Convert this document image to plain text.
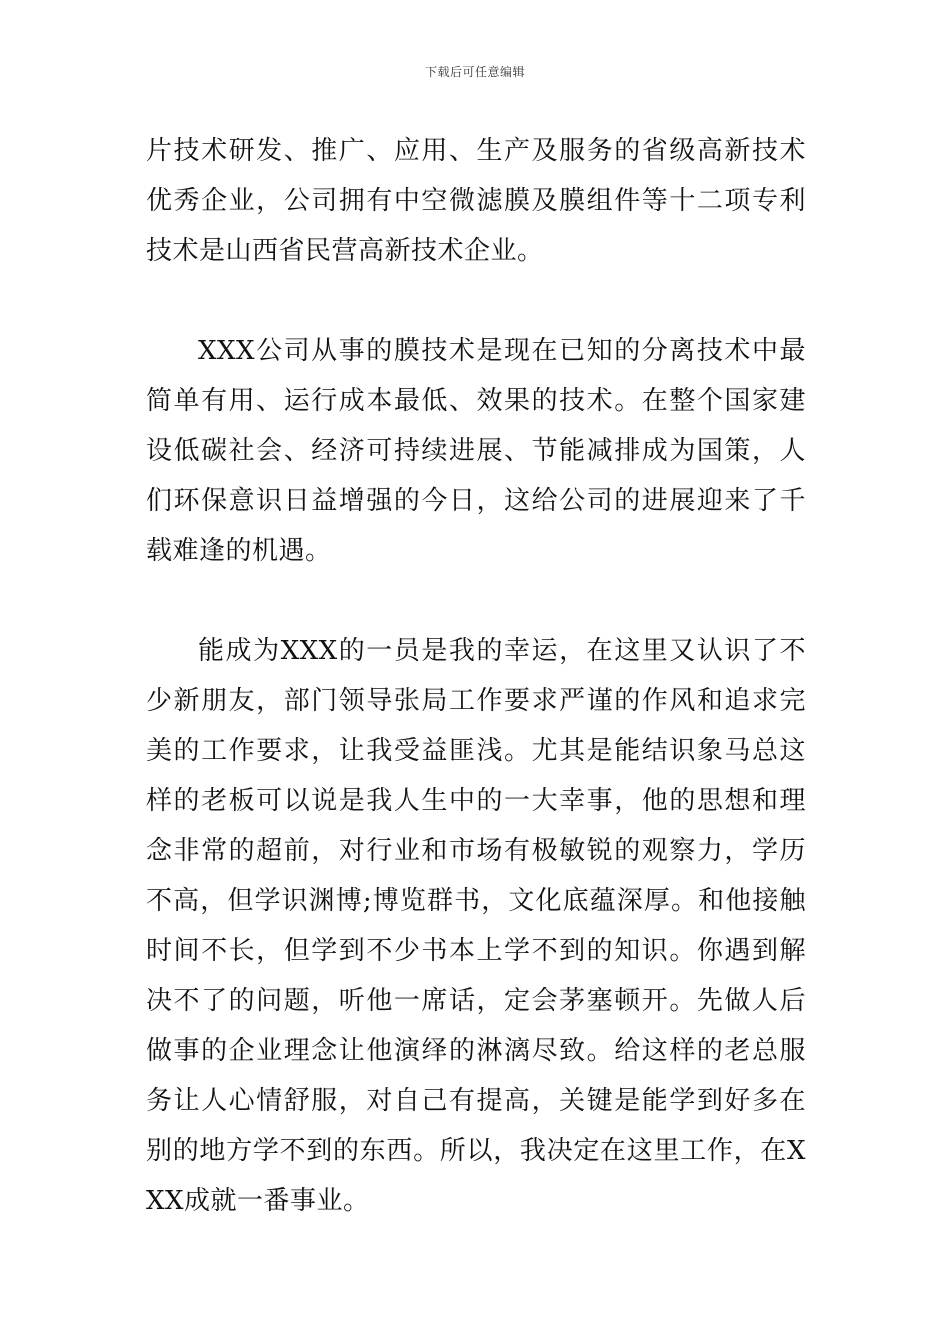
下载后可任意编辑

片技术研发、推广、应用、生产及服务的省级高新技术优秀企业，公司拥有中空微滤膜及膜组件等十二项专利技术是山西省民营高新技术企业。

XXX公司从事的膜技术是现在已知的分离技术中最简单有用、运行成本最低、效果的技术。在整个国家建设低碳社会、经济可持续进展、节能减排成为国策，人们环保意识日益增强的今日，这给公司的进展迎来了千载难逢的机遇。

能成为XXX的一员是我的幸运，在这里又认识了不少新朋友，部门领导张局工作要求严谨的作风和追求完美的工作要求，让我受益匪浅。尤其是能结识象马总这样的老板可以说是我人生中的一大幸事，他的思想和理念非常的超前，对行业和市场有极敏锐的观察力，学历不高，但学识渊博;博览群书，文化底蕴深厚。和他接触时间不长，但学到不少书本上学不到的知识。你遇到解决不了的问题，听他一席话，定会茅塞顿开。先做人后做事的企业理念让他演绎的淋漓尽致。给这样的老总服务让人心情舒服，对自己有提高，关键是能学到好多在别的地方学不到的东西。所以，我决定在这里工作，在XXX成就一番事业。
